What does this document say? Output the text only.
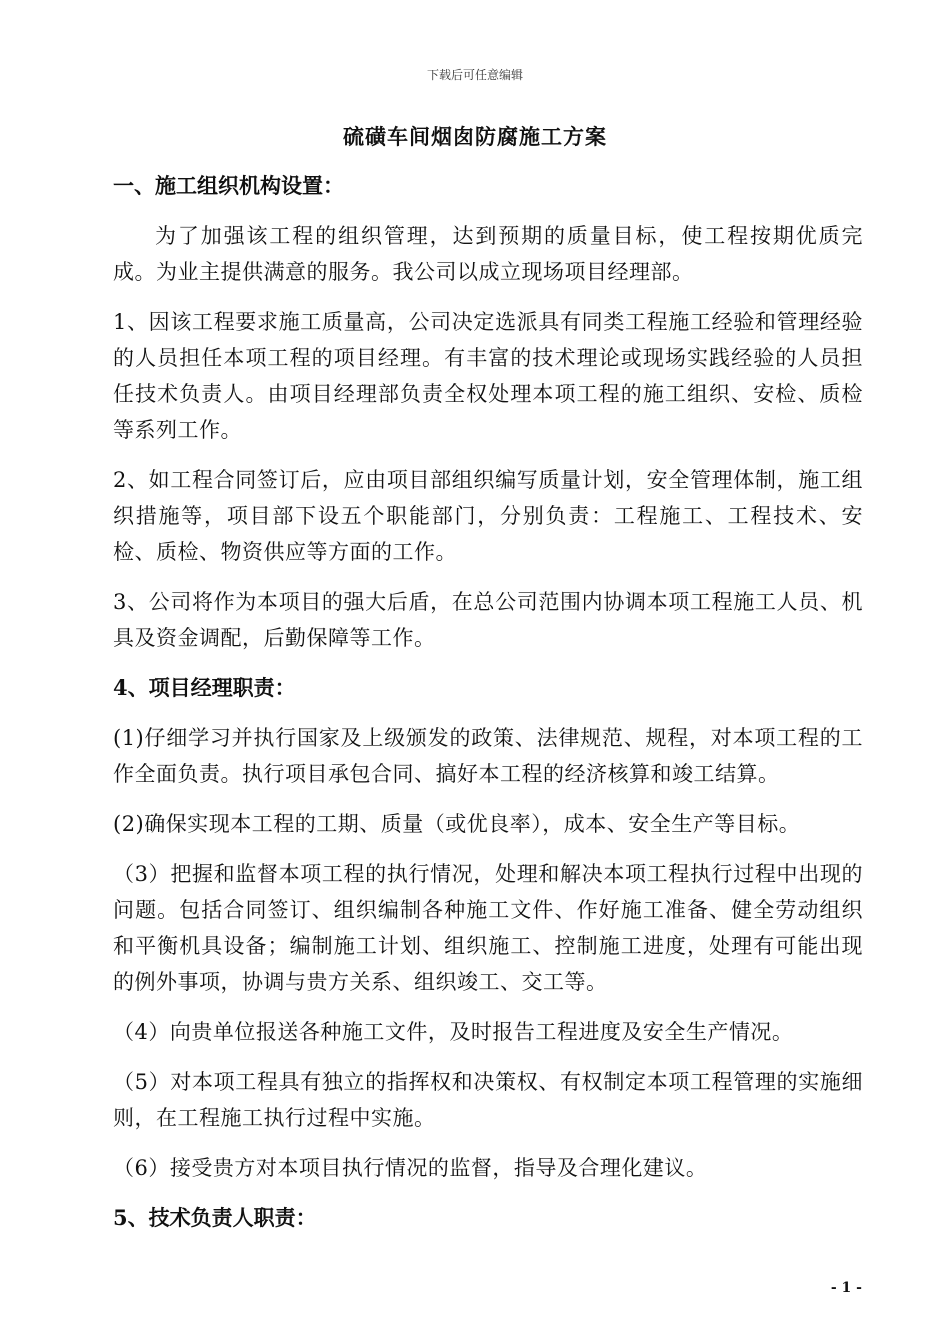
下载后可任意编辑
硫磺车间烟囱防腐施工方案
一、施工组织机构设置：
为了加强该工程的组织管理，达到预期的质量目标，使工程按期优质完成。为业主提供满意的服务。我公司以成立现场项目经理部。
1、因该工程要求施工质量高，公司决定选派具有同类工程施工经验和管理经验的人员担任本项工程的项目经理。有丰富的技术理论或现场实践经验的人员担任技术负责人。由项目经理部负责全权处理本项工程的施工组织、安检、质检等系列工作。
2、如工程合同签订后，应由项目部组织编写质量计划，安全管理体制，施工组织措施等，项目部下设五个职能部门，分别负责：工程施工、工程技术、安检、质检、物资供应等方面的工作。
3、公司将作为本项目的强大后盾，在总公司范围内协调本项工程施工人员、机具及资金调配，后勤保障等工作。
4、项目经理职责：
(1)仔细学习并执行国家及上级颁发的政策、法律规范、规程，对本项工程的工作全面负责。执行项目承包合同、搞好本工程的经济核算和竣工结算。
(2)确保实现本工程的工期、质量（或优良率），成本、安全生产等目标。
（3）把握和监督本项工程的执行情况，处理和解决本项工程执行过程中出现的问题。包括合同签订、组织编制各种施工文件、作好施工准备、健全劳动组织和平衡机具设备；编制施工计划、组织施工、控制施工进度，处理有可能出现的例外事项，协调与贵方关系、组织竣工、交工等。
（4）向贵单位报送各种施工文件，及时报告工程进度及安全生产情况。
（5）对本项工程具有独立的指挥权和决策权、有权制定本项工程管理的实施细则，在工程施工执行过程中实施。
（6）接受贵方对本项目执行情况的监督，指导及合理化建议。
5、技术负责人职责：
- 1 -
